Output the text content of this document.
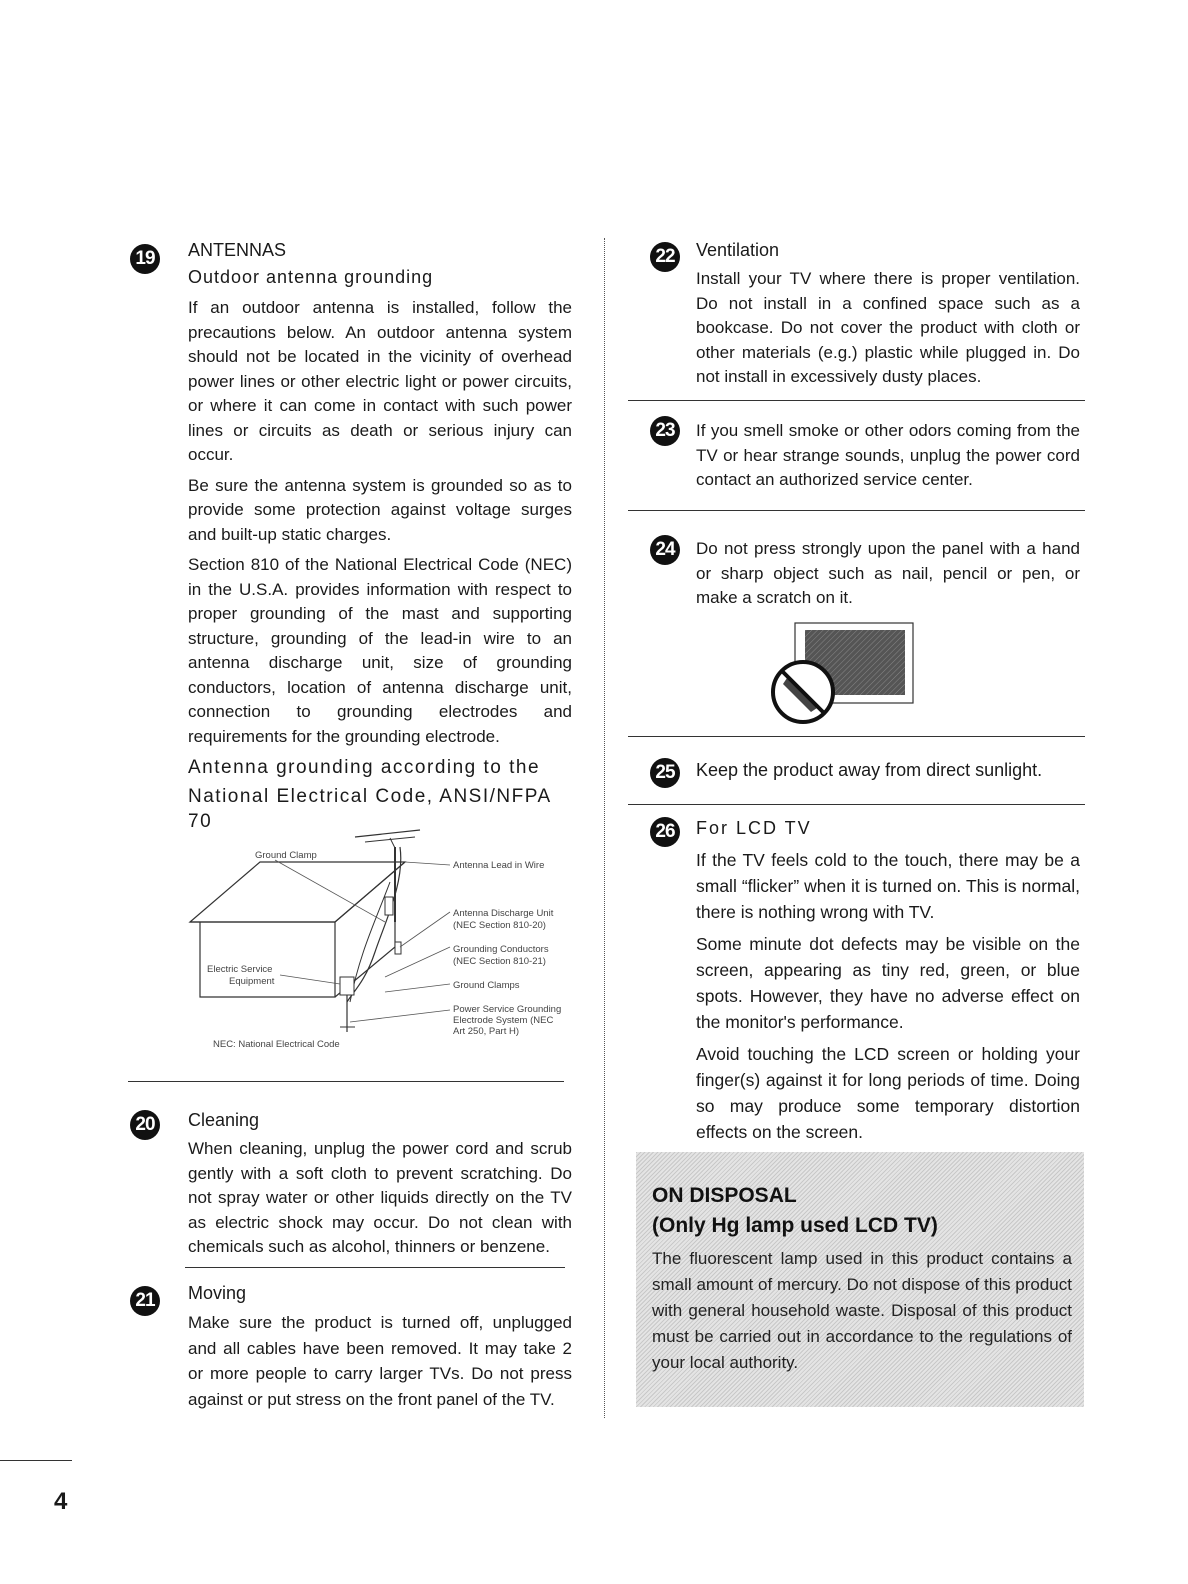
19	ANTENNAS
Outdoor antenna grounding

If an outdoor antenna is installed, follow the precautions below. An outdoor antenna system should not be located in the vicinity of overhead power lines or other electric light or power circuits, or where it can come in contact with such power lines or circuits as death or serious injury can occur.

Be sure the antenna system is grounded so as to provide some protection against voltage surges and built-up static charges.

Section 810 of the National Electrical Code (NEC) in the U.S.A. provides information with respect to proper grounding of the mast and supporting structure, grounding of the lead-in wire to an antenna discharge unit, size of grounding conductors, location of antenna discharge unit, connection to grounding electrodes and requirements for the grounding electrode.

Antenna grounding according to the
National Electrical Code, ANSI/NFPA 70
Ground Clamp
Antenna Lead in Wire
Antenna Discharge Unit
(NEC Section 810-20)
Grounding Conductors
(NEC Section 810-21)
Ground Clamps
Electric Service
Equipment
Power Service Grounding
Electrode System (NEC
Art 250, Part H)
NEC: National Electrical Code
20	Cleaning

When cleaning, unplug the power cord and scrub gently with a soft cloth to prevent scratching. Do not spray water or other liquids directly on the TV as electric shock may occur. Do not clean with chemicals such as alcohol, thinners or benzene.

21	Moving

Make sure the product is turned off, unplugged and all cables have been removed. It may take 2 or more people to carry larger TVs. Do not press against or put stress on the front panel of the TV.

22	Ventilation

Install your TV where there is proper ventilation. Do not install in a confined space such as a bookcase. Do not cover the product with cloth or other materials (e.g.) plastic while plugged in. Do not install in excessively dusty places.

23	If you smell smoke or other odors coming from the TV or hear strange sounds, unplug the power cord contact an authorized service center.

24	Do not press strongly upon the panel with a hand or sharp object such as nail, pencil or pen, or make a scratch on it.

25	Keep the product away from direct sunlight.

26	For LCD TV

If the TV feels cold to the touch, there may be a small “flicker” when it is turned on. This is normal, there is nothing wrong with TV.

Some minute dot defects may be visible on the screen, appearing as tiny red, green, or blue spots. However, they have no adverse effect on the monitor's performance.

Avoid touching the LCD screen or holding your finger(s) against it for long periods of time. Doing so may produce some temporary distortion effects on the screen.

ON DISPOSAL
(Only Hg lamp used LCD TV)
The fluorescent lamp used in this product contains a small amount of mercury. Do not dispose of this product with general household waste. Disposal of this product must be carried out in accordance to the regulations of your local authority.
4
